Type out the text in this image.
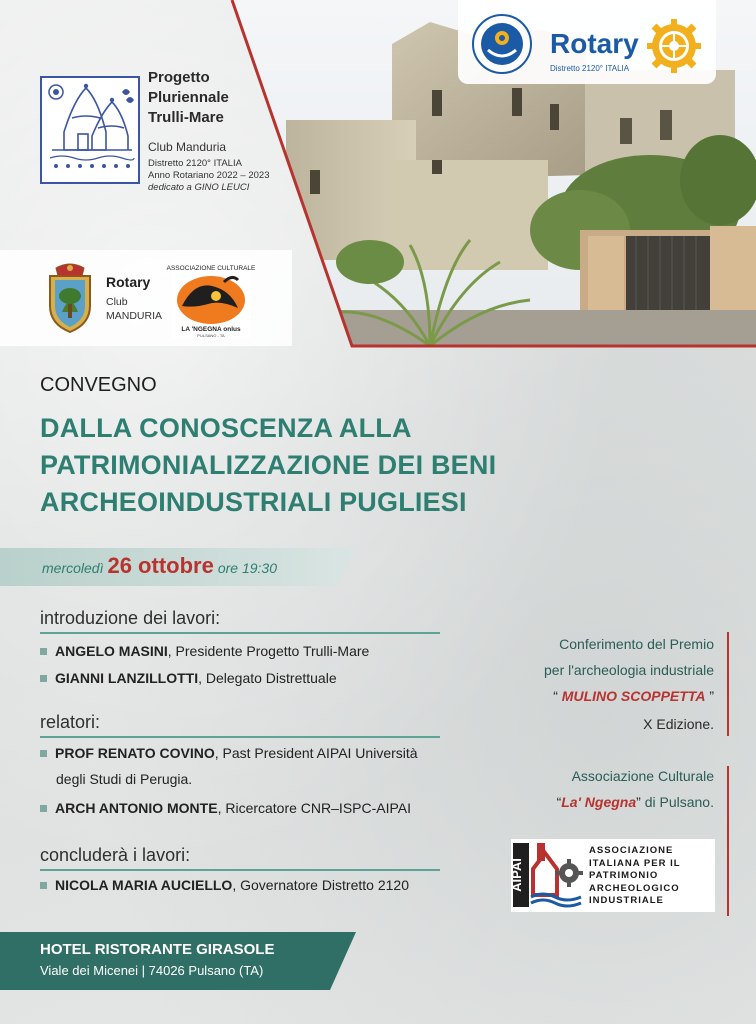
Rotary
Distretto 2120° ITALIA
Progetto
Pluriennale
Trulli-Mare
Club Manduria
Distretto 2120° ITALIA
Anno Rotariano 2022 – 2023
dedicato a GINO LEUCI
Rotary
Club
MANDURIA
ASSOCIAZIONE CULTURALE
LA 'NGEGNA onlus
PULSANO - TA
CONVEGNO
DALLA CONOSCENZA ALLA
PATRIMONIALIZZAZIONE DEI BENI
ARCHEOINDUSTRIALI PUGLIESI
mercoledì 26 ottobre ore 19:30
introduzione dei lavori:
ANGELO MASINI, Presidente Progetto Trulli-Mare
GIANNI LANZILLOTTI, Delegato Distrettuale
relatori:
PROF RENATO COVINO, Past President AIPAI Università
degli Studi di Perugia.
ARCH ANTONIO MONTE, Ricercatore CNR–ISPC-AIPAI
concluderà i lavori:
NICOLA MARIA AUCIELLO, Governatore Distretto 2120
Conferimento del Premio
per l'archeologia industriale
“ MULINO SCOPPETTA ”
X Edizione.
Associazione Culturale
“La' Ngegna” di Pulsano.
AIPAI
ASSOCIAZIONE
ITALIANA PER IL
PATRIMONIO
ARCHEOLOGICO
INDUSTRIALE
HOTEL RISTORANTE GIRASOLE
Viale dei Micenei | 74026 Pulsano (TA)
